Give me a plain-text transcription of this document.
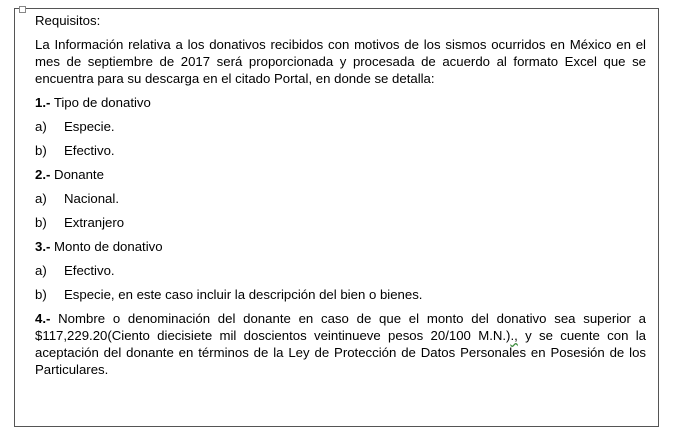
Requisitos:
La Información relativa a los donativos recibidos con motivos de los sismos ocurridos en México en el mes de septiembre de 2017 será proporcionada y procesada de acuerdo al formato Excel que se encuentra para su descarga en el citado Portal, en donde se detalla:
1.- Tipo de donativo
a)	Especie.
b)	Efectivo.
2.- Donante
a)	Nacional.
b)	Extranjero
3.- Monto de donativo
a)	Efectivo.
b)	Especie, en este caso incluir la descripción del bien o bienes.
4.- Nombre o denominación del donante en caso de que el monto del donativo sea superior a $117,229.20(Ciento diecisiete mil doscientos veintinueve pesos 20/100 M.N.)., y se cuente con la aceptación del donante en términos de la Ley de Protección de Datos Personales en Posesión de los Particulares.
